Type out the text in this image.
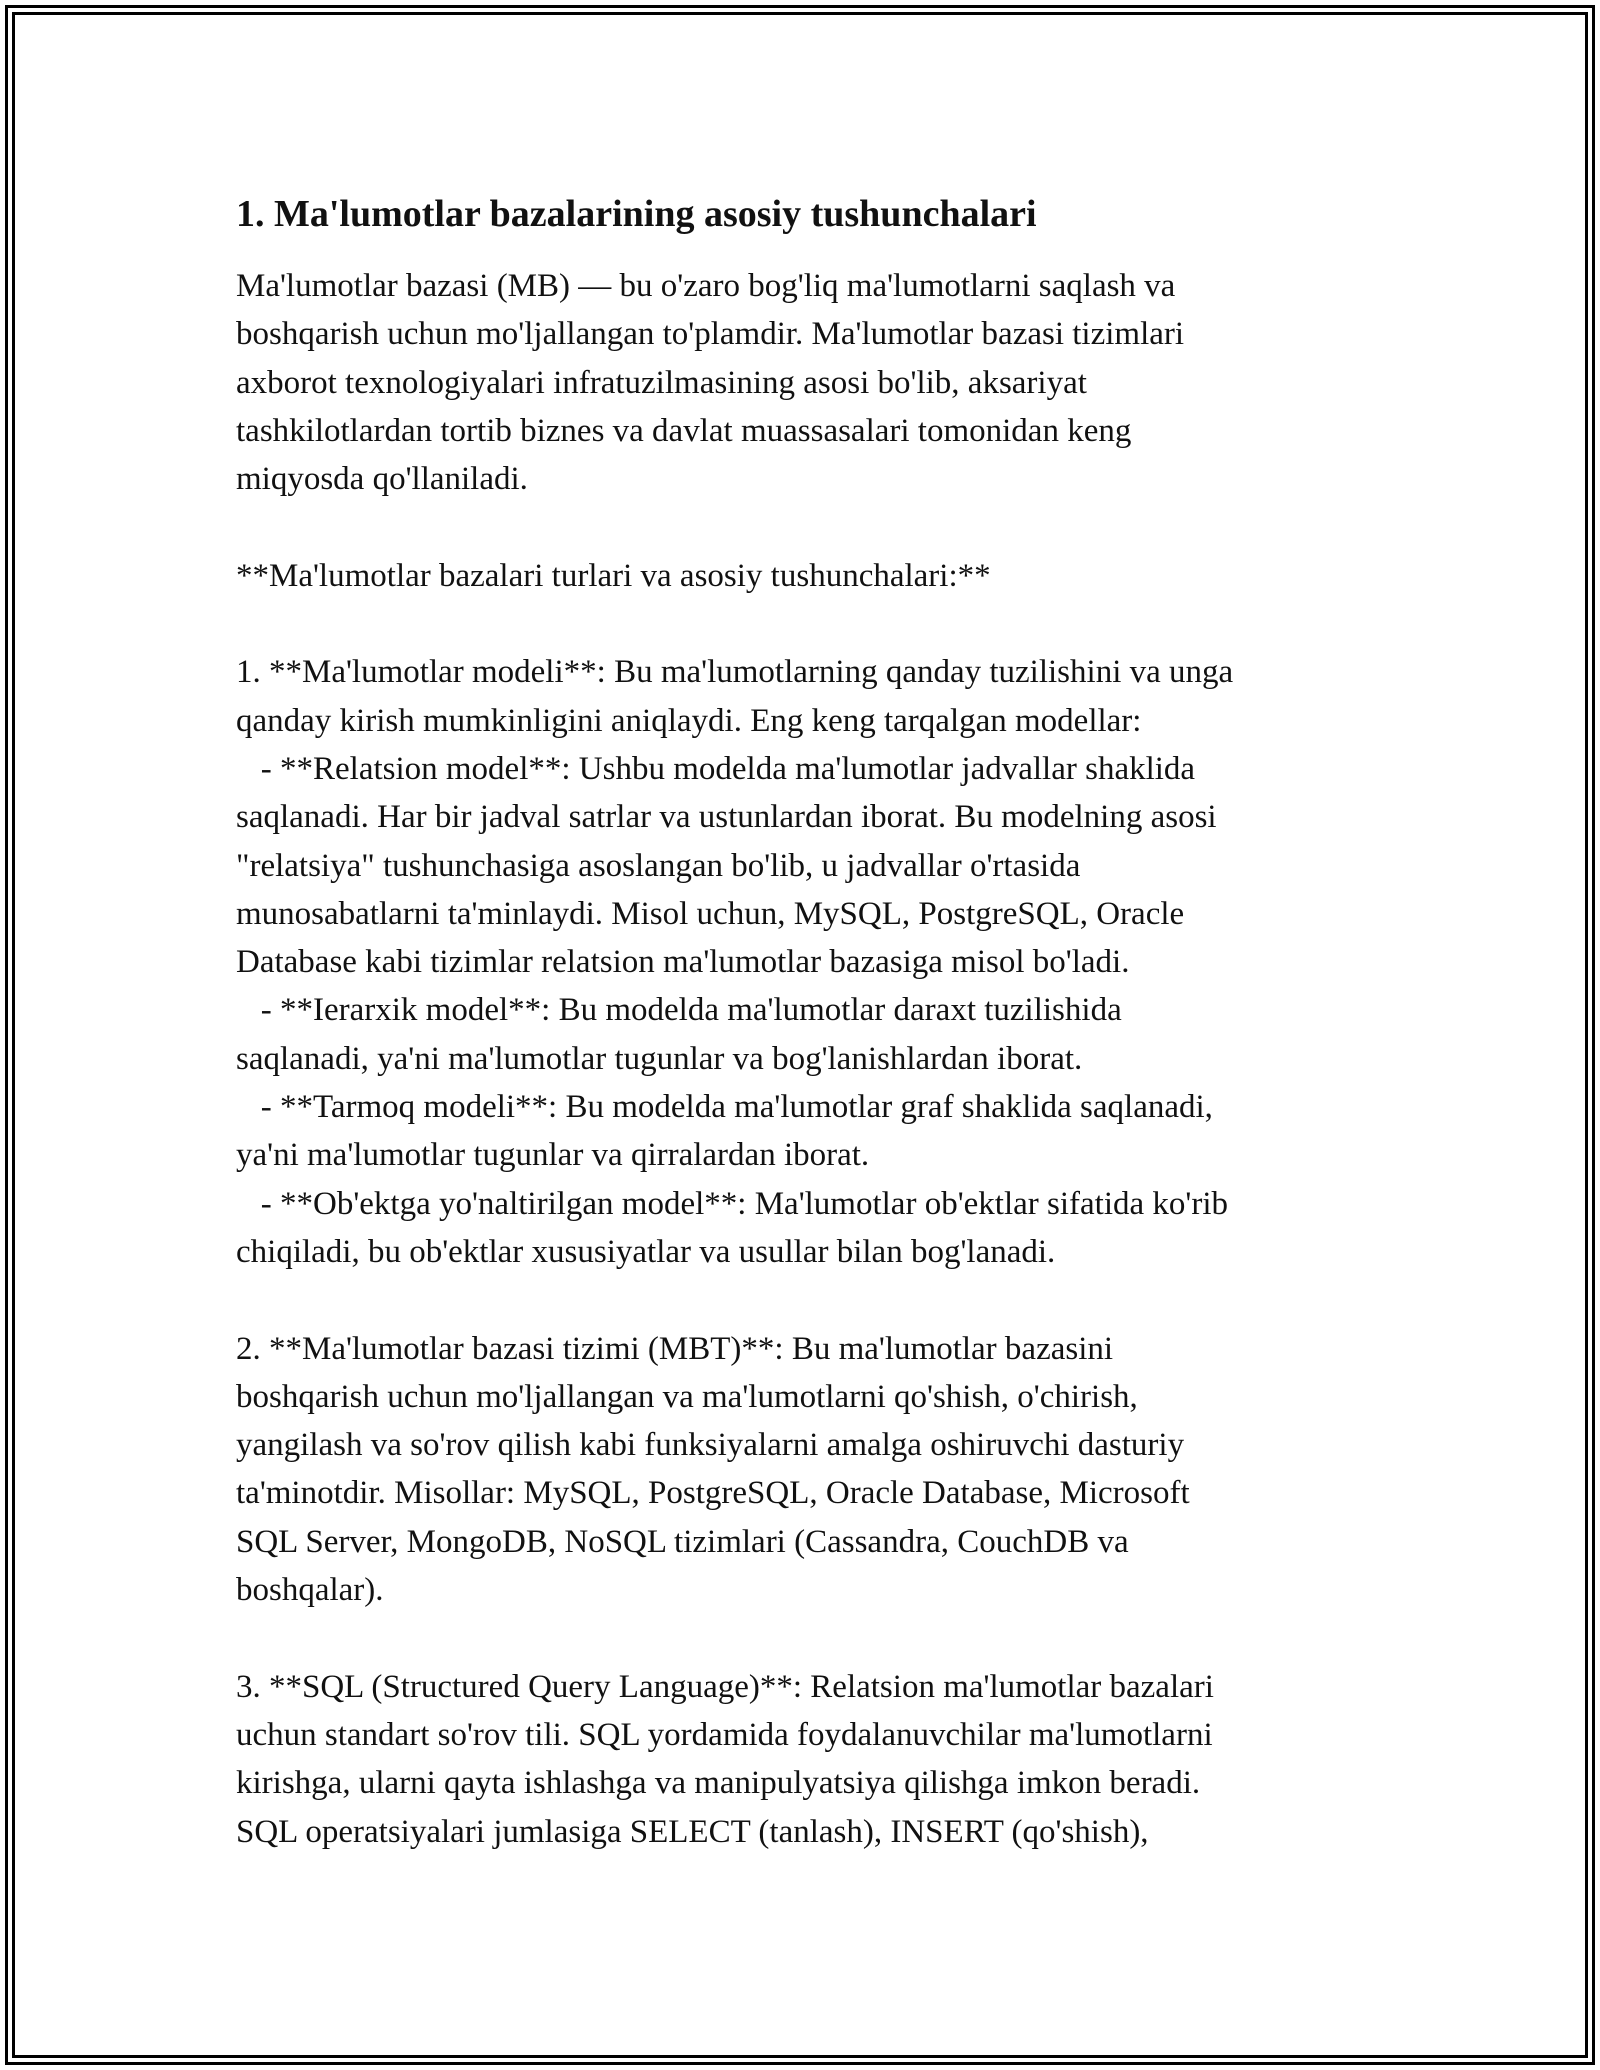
1. Ma'lumotlar bazalarining asosiy tushunchalari
Ma'lumotlar bazasi (MB) — bu o'zaro bog'liq ma'lumotlarni saqlash va
boshqarish uchun mo'ljallangan to'plamdir. Ma'lumotlar bazasi tizimlari
axborot texnologiyalari infratuzilmasining asosi bo'lib, aksariyat
tashkilotlardan tortib biznes va davlat muassasalari tomonidan keng
miqyosda qo'llaniladi.
**Ma'lumotlar bazalari turlari va asosiy tushunchalari:**
1. **Ma'lumotlar modeli**: Bu ma'lumotlarning qanday tuzilishini va unga
qanday kirish mumkinligini aniqlaydi. Eng keng tarqalgan modellar:
- **Relatsion model**: Ushbu modelda ma'lumotlar jadvallar shaklida
saqlanadi. Har bir jadval satrlar va ustunlardan iborat. Bu modelning asosi
"relatsiya" tushunchasiga asoslangan bo'lib, u jadvallar o'rtasida
munosabatlarni ta'minlaydi. Misol uchun, MySQL, PostgreSQL, Oracle
Database kabi tizimlar relatsion ma'lumotlar bazasiga misol bo'ladi.
- **Ierarxik model**: Bu modelda ma'lumotlar daraxt tuzilishida
saqlanadi, ya'ni ma'lumotlar tugunlar va bog'lanishlardan iborat.
- **Tarmoq modeli**: Bu modelda ma'lumotlar graf shaklida saqlanadi,
ya'ni ma'lumotlar tugunlar va qirralardan iborat.
- **Ob'ektga yo'naltirilgan model**: Ma'lumotlar ob'ektlar sifatida ko'rib
chiqiladi, bu ob'ektlar xususiyatlar va usullar bilan bog'lanadi.
2. **Ma'lumotlar bazasi tizimi (MBT)**: Bu ma'lumotlar bazasini
boshqarish uchun mo'ljallangan va ma'lumotlarni qo'shish, o'chirish,
yangilash va so'rov qilish kabi funksiyalarni amalga oshiruvchi dasturiy
ta'minotdir. Misollar: MySQL, PostgreSQL, Oracle Database, Microsoft
SQL Server, MongoDB, NoSQL tizimlari (Cassandra, CouchDB va
boshqalar).
3. **SQL (Structured Query Language)**: Relatsion ma'lumotlar bazalari
uchun standart so'rov tili. SQL yordamida foydalanuvchilar ma'lumotlarni
kirishga, ularni qayta ishlashga va manipulyatsiya qilishga imkon beradi.
SQL operatsiyalari jumlasiga SELECT (tanlash), INSERT (qo'shish),
